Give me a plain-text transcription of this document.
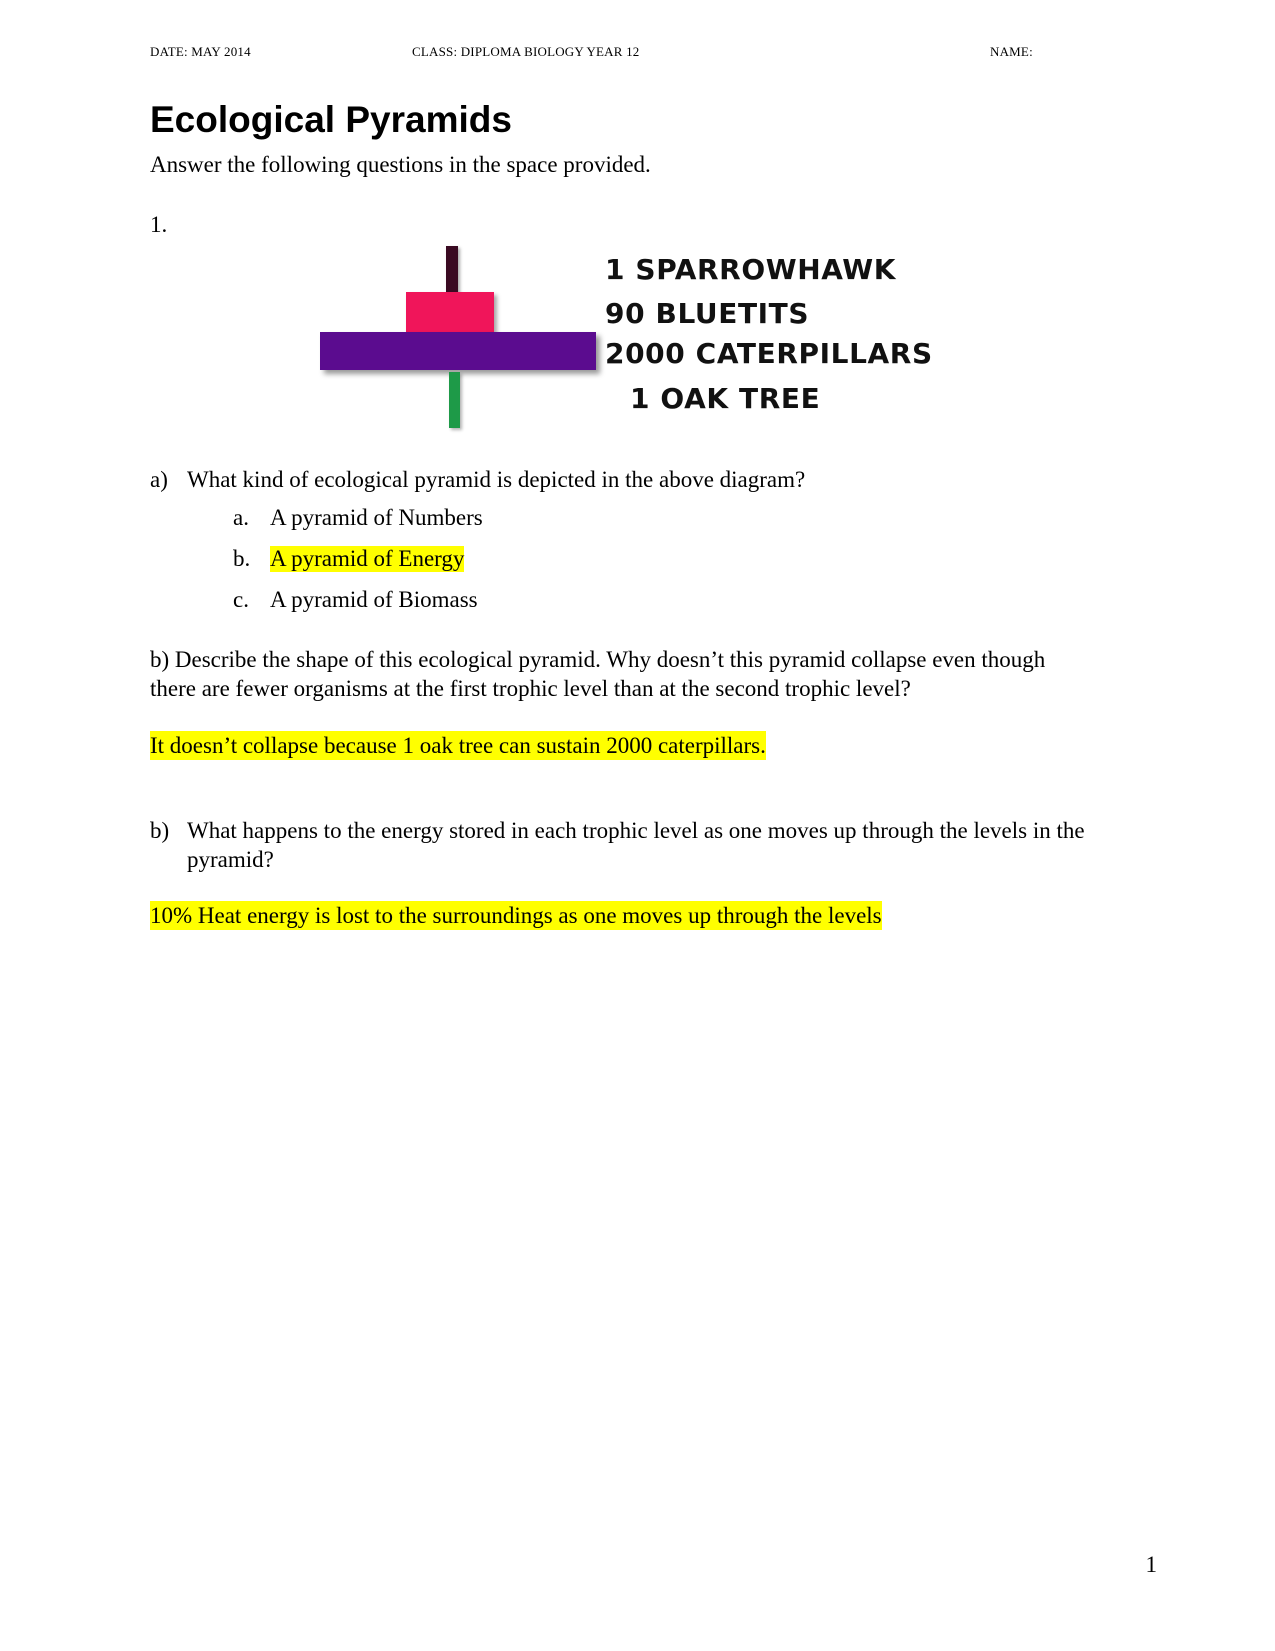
DATE: MAY 2014	CLASS: DIPLOMA BIOLOGY YEAR 12	NAME:
Ecological Pyramids
Answer the following questions in the space provided.
1.
1 SPARROWHAWK
90 BLUETITS
2000 CATERPILLARS
1 OAK TREE
a) What kind of ecological pyramid is depicted in the above diagram?
a. A pyramid of Numbers
b. A pyramid of Energy
c. A pyramid of Biomass
b) Describe the shape of this ecological pyramid. Why doesn’t this pyramid collapse even though
there are fewer organisms at the first trophic level than at the second trophic level?
It doesn’t collapse because 1 oak tree can sustain 2000 caterpillars.
b) What happens to the energy stored in each trophic level as one moves up through the levels in the
pyramid?
10% Heat energy is lost to the surroundings as one moves up through the levels
1
